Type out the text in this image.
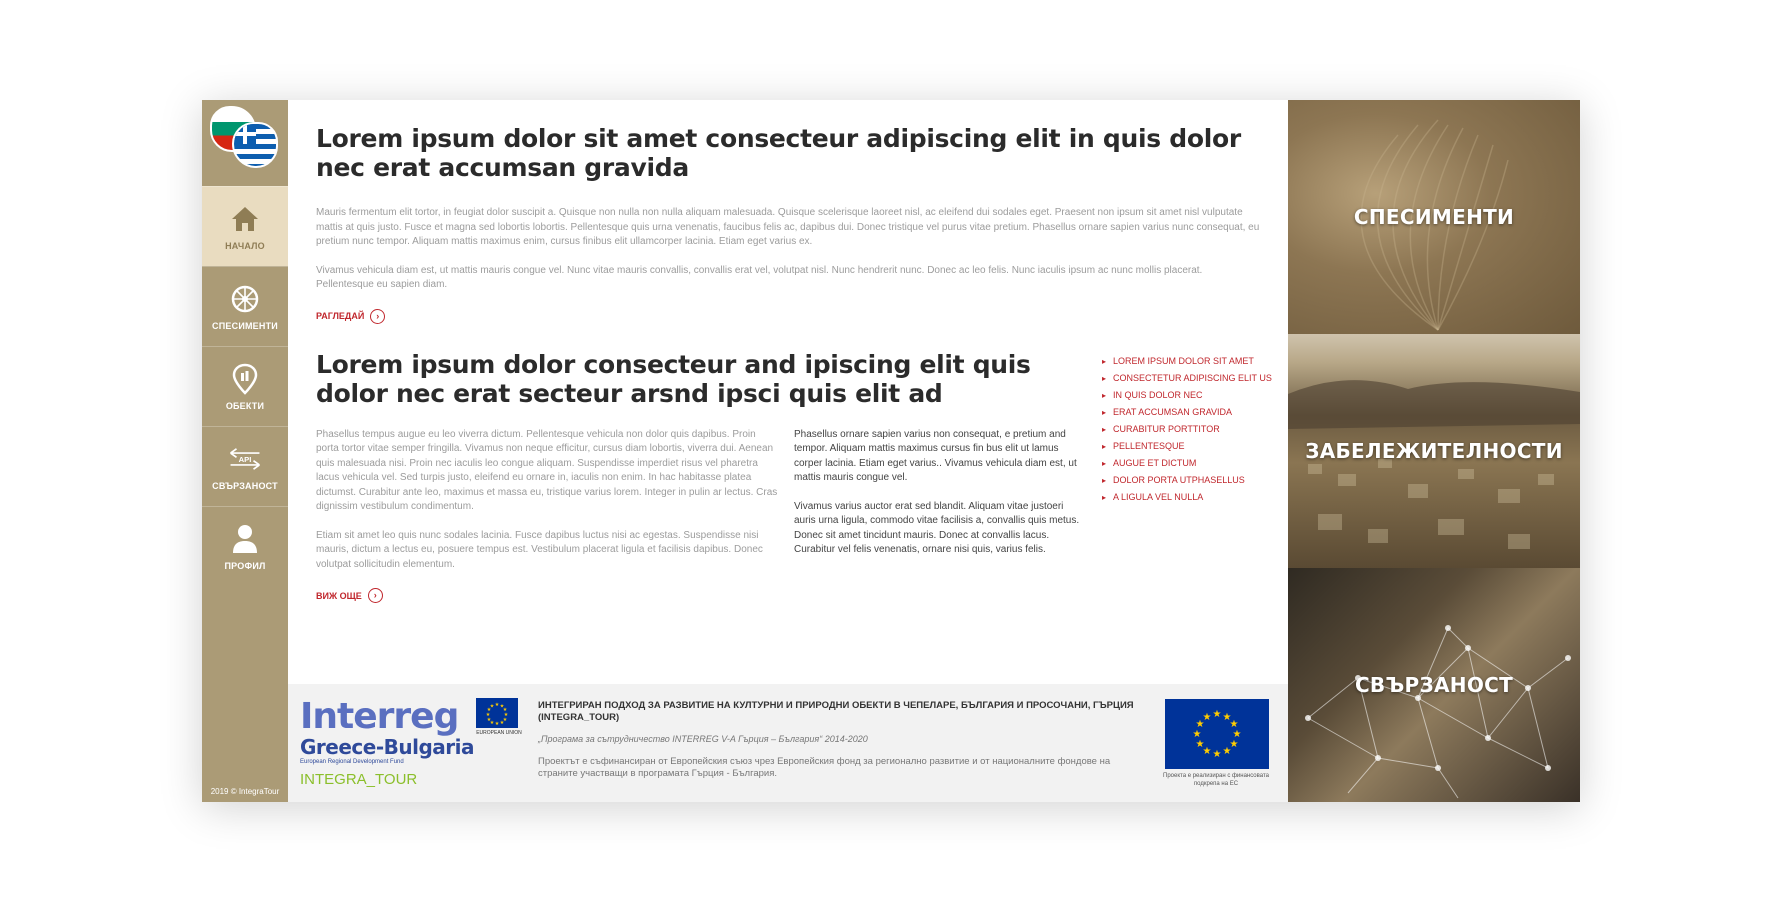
НАЧАЛО
СПЕСИМЕНТИ
ОБЕКТИ
API
СВЪРЗАНОСТ
ПРОФИЛ
2019 © IntegraTour
Lorem ipsum dolor sit amet consecteur adipiscing elit in quis dolor nec erat accumsan gravida

Mauris fermentum elit tortor, in feugiat dolor suscipit a. Quisque non nulla non nulla aliquam malesuada. Quisque scelerisque laoreet nisl, ac eleifend dui sodales eget. Praesent non ipsum sit amet nisl vulputate mattis at quis justo. Fusce et magna sed lobortis lobortis. Pellentesque quis urna venenatis, faucibus felis ac, dapibus dui. Donec tristique vel purus vitae pretium. Phasellus ornare sapien varius nunc consequat, eu pretium nunc tempor. Aliquam mattis maximus enim, cursus finibus elit ullamcorper lacinia. Etiam eget varius ex.

Vivamus vehicula diam est, ut mattis mauris congue vel. Nunc vitae mauris convallis, convallis erat vel, volutpat nisl. Nunc hendrerit nunc. Donec ac leo felis. Nunc iaculis ipsum ac nunc mollis placerat. Pellentesque eu sapien diam.

РАГЛЕДАЙ	›
Lorem ipsum dolor consecteur and ipiscing elit quis dolor nec erat secteur arsnd ipsci quis elit ad

Phasellus tempus augue eu leo viverra dictum. Pellentesque vehicula non dolor quis dapibus. Proin porta tortor vitae semper fringilla. Vivamus non neque efficitur, cursus diam lobortis, viverra dui. Aenean quis malesuada nisi. Proin nec iaculis leo congue aliquam. Suspendisse imperdiet risus vel pharetra lacus vehicula vel. Sed turpis justo, eleifend eu ornare in, iaculis non enim. In hac habitasse platea dictumst. Curabitur ante leo, maximus et massa eu, tristique varius lorem. Integer in pulin ar lectus. Cras dignissim vestibulum condimentum.

Etiam sit amet leo quis nunc sodales lacinia. Fusce dapibus luctus nisi ac egestas. Suspendisse nisi mauris, dictum a lectus eu, posuere tempus est. Vestibulum placerat ligula et facilisis dapibus. Donec volutpat sollicitudin elementum.

Phasellus ornare sapien varius non consequat, e pretium and tempor. Aliquam mattis maximus cursus fin bus elit ut lamus corper lacinia. Etiam eget varius.. Vivamus vehicula diam est, ut mattis mauris congue vel.

Vivamus varius auctor erat sed blandit. Aliquam vitae justoeri auris urna ligula, commodo vitae facilisis a, convallis quis metus. Donec sit amet tincidunt mauris. Donec at convallis lacus. Curabitur vel felis venenatis, ornare nisi quis, varius felis.

ВИЖ ОЩЕ	›
▸ LOREM IPSUM DOLOR SIT AMET
▸ CONSECTETUR ADIPISCING ELIT US
▸ IN QUIS DOLOR NEC
▸ ERAT ACCUMSAN GRAVIDA
▸ CURABITUR PORTTITOR
▸ PELLENTESQUE
▸ AUGUE ET DICTUM
▸ DOLOR PORTA UTPHASELLUS
▸ A LIGULA VEL NULLA
Interreg
Greece-Bulgaria
European Regional Development Fund
INTEGRA_TOUR
★ ★
★
★
★
★
★
★
★
★
★
★
EUROPEAN UNION
ИНТЕГРИРАН ПОДХОД ЗА РАЗВИТИЕ НА КУЛТУРНИ И ПРИРОДНИ ОБЕКТИ В ЧЕПЕЛАРЕ, БЪЛГАРИЯ И ПРОСОЧАНИ, ГЪРЦИЯ (INTEGRA_TOUR)
„Програма за сътрудничество INTERREG V-A Гърция – България“ 2014-2020
Проектът е съфинансиран от Европейския съюз чрез Европейския фонд за регионално развитие и от националните фондове на страните участващи в програмата Гърция - България.
★ ★
★
★
★
★
★
★
★
★
★
★
Проекта е реализиран с финансовата подкрепа на ЕС
СПЕСИМЕНТИ
ЗАБЕЛЕЖИТЕЛНОСТИ
СВЪРЗАНОСТ
